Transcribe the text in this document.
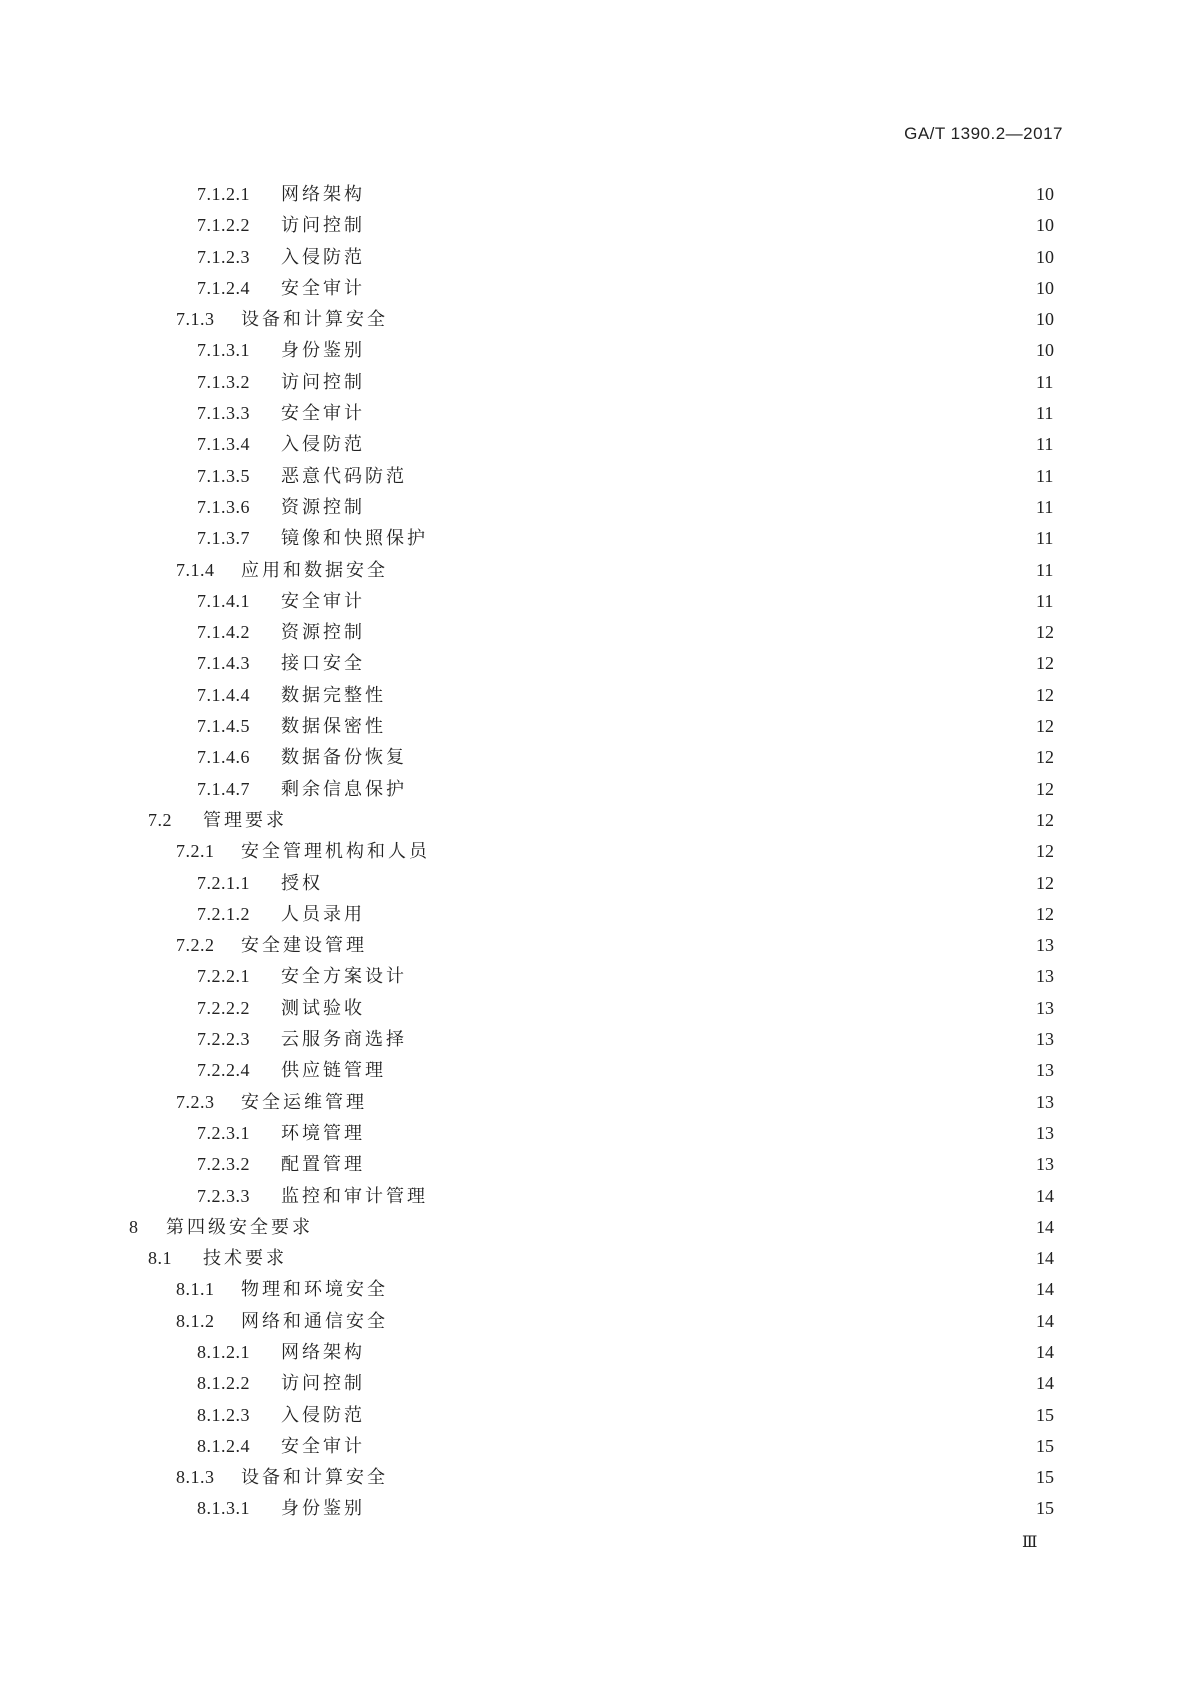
GA/T 1390.2—2017
7.1.2.1 网络架构	10
7.1.2.2 访问控制	10
7.1.2.3 入侵防范	10
7.1.2.4 安全审计	10
7.1.3 设备和计算安全	10
7.1.3.1 身份鉴别	10
7.1.3.2 访问控制	11
7.1.3.3 安全审计	11
7.1.3.4 入侵防范	11
7.1.3.5 恶意代码防范	11
7.1.3.6 资源控制	11
7.1.3.7 镜像和快照保护	11
7.1.4 应用和数据安全	11
7.1.4.1 安全审计	11
7.1.4.2 资源控制	12
7.1.4.3 接口安全	12
7.1.4.4 数据完整性	12
7.1.4.5 数据保密性	12
7.1.4.6 数据备份恢复	12
7.1.4.7 剩余信息保护	12
7.2 管理要求	12
7.2.1 安全管理机构和人员	12
7.2.1.1 授权	12
7.2.1.2 人员录用	12
7.2.2 安全建设管理	13
7.2.2.1 安全方案设计	13
7.2.2.2 测试验收	13
7.2.2.3 云服务商选择	13
7.2.2.4 供应链管理	13
7.2.3 安全运维管理	13
7.2.3.1 环境管理	13
7.2.3.2 配置管理	13
7.2.3.3 监控和审计管理	14
8 第四级安全要求	14
8.1 技术要求	14
8.1.1 物理和环境安全	14
8.1.2 网络和通信安全	14
8.1.2.1 网络架构	14
8.1.2.2 访问控制	14
8.1.2.3 入侵防范	15
8.1.2.4 安全审计	15
8.1.3 设备和计算安全	15
8.1.3.1 身份鉴别	15
Ⅲ
